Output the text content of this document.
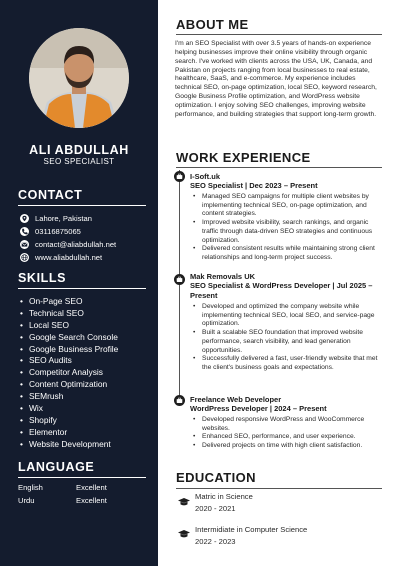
ALI ABDULLAH
SEO SPECIALIST
CONTACT
Lahore, Pakistan
03116875065
contact@aliabdullah.net
www.aliabdullah.net
SKILLS
• On-Page SEO
• Technical SEO
• Local SEO
• Google Search Console
• Google Business Profile
• SEO Audits
• Competitor Analysis
• Content Optimization
• SEMrush
• Wix
• Shopify
• Elementor
• Website Development
LANGUAGE
English	Excellent
Urdu	Excellent
ABOUT ME

I'm an SEO Specialist with over 3.5 years of hands-on experience helping businesses improve their online visibility through organic search. I've worked with clients across the USA, UK, Canada, and Pakistan on projects ranging from local businesses to real estate, healthcare, SaaS, and e-commerce. My experience includes technical SEO, on-page optimization, local SEO, keyword research, Google Business Profile optimization, and WordPress website optimization. I enjoy solving SEO challenges, improving website performance, and building strategies that support long-term growth.

WORK EXPERIENCE
I-Soft.uk
SEO Specialist | Dec 2023 – Present
• Managed SEO campaigns for multiple client websites by implementing technical SEO, on-page optimization, and content strategies.
• Improved website visibility, search rankings, and organic traffic through data-driven SEO strategies and continuous optimization.
• Delivered consistent results while maintaining strong client relationships and long-term project success.
Mak Removals UK
SEO Specialist & WordPress Developer | Jul 2025 – Present
• Developed and optimized the company website while implementing technical SEO, local SEO, and service-page optimization.
• Built a scalable SEO foundation that improved website performance, search visibility, and lead generation opportunities.
• Successfully delivered a fast, user-friendly website that met the client's business goals and expectations.
Freelance Web Developer
WordPress Developer | 2024 – Present
• Developed responsive WordPress and WooCommerce websites.
• Enhanced SEO, performance, and user experience.
• Delivered projects on time with high client satisfaction.
EDUCATION
Matric in Science
2020 - 2021
Intermidiate in Computer Science
2022 - 2023
